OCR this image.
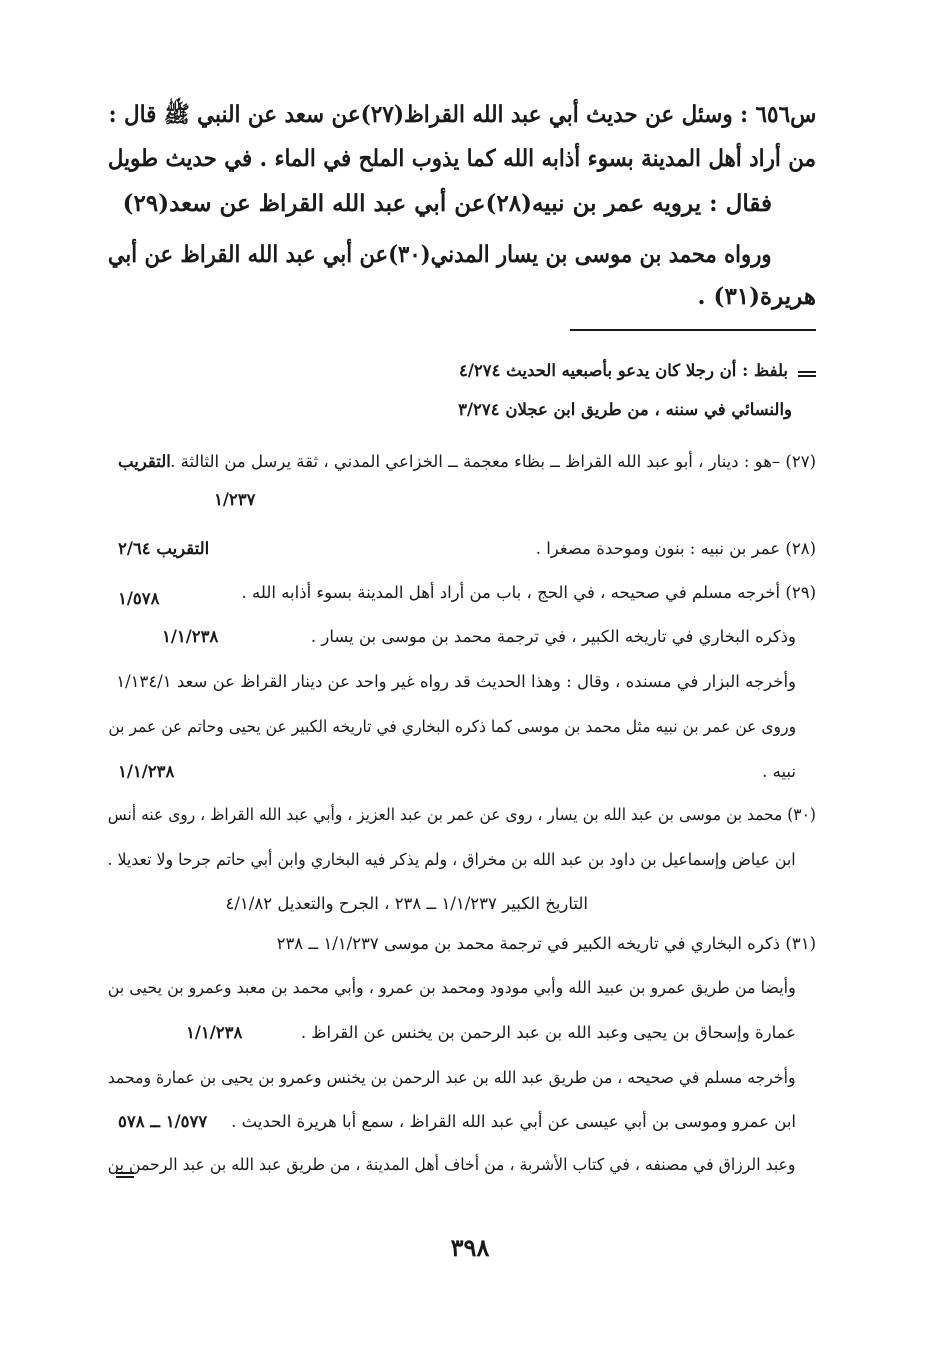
س٦٥٦ : وسئل عن حديث أبي عبد الله القراظ(٢٧)عن سعد عن النبي ﷺ قال :
من أراد أهل المدينة بسوء أذابه الله كما يذوب الملح في الماء . في حديث طويل
فقال : يرويه عمر بن نبيه(٢٨)عن أبي عبد الله القراظ عن سعد(٢٩)
ورواه محمد بن موسى بن يسار المدني(٣٠)عن أبي عبد الله القراظ عن أبي
هريرة(٣١) .
بلفظ : أن رجلا كان يدعو بأصبعيه الحديث ٤/٢٧٤
والنسائي في سننه ، من طريق ابن عجلان ٣/٢٧٤
(٢٧) –هو : دينار ، أبو عبد الله القراظ ــ بظاء معجمة ــ الخزاعي المدني ، ثقة يرسل من الثالثة .
التقريب
١/٢٣٧
(٢٨) عمر بن نبيه : بنون وموحدة مصغرا .
التقريب ٢/٦٤
(٢٩) أخرجه مسلم في صحيحه ، في الحج ، باب من أراد أهل المدينة بسوء أذابه الله .
١/٥٧٨
وذكره البخاري في تاريخه الكبير ، في ترجمة محمد بن موسى بن يسار .
١/١/٢٣٨
وأخرجه البزار في مسنده ، وقال : وهذا الحديث قد رواه غير واحد عن دينار القراظ عن سعد ١/١٣٤/١
وروى عن عمر بن نبيه مثل محمد بن موسى كما ذكره البخاري في تاريخه الكبير عن يحيى وحاتم عن عمر بن
نبيه .
١/١/٢٣٨
(٣٠) محمد بن موسى بن عبد الله بن يسار ، روى عن عمر بن عبد العزيز ، وأبي عبد الله القراظ ، روى عنه أنس
ابن عياض وإسماعيل بن داود بن عبد الله بن مخراق ، ولم يذكر فيه البخاري وابن أبي حاتم جرحا ولا تعديلا .
التاريخ الكبير ١/١/٢٣٧ ــ ٢٣٨ ، الجرح والتعديل ٤/١/٨٢
(٣١) ذكره البخاري في تاريخه الكبير في ترجمة محمد بن موسى ١/١/٢٣٧ ــ ٢٣٨
وأيضا من طريق عمرو بن عبيد الله وأبي مودود ومحمد بن عمرو ، وأبي محمد بن معبد وعمرو بن يحيى بن
عمارة وإسحاق بن يحيى وعبد الله بن عبد الرحمن بن يخنس عن القراظ .
١/١/٢٣٨
وأخرجه مسلم في صحيحه ، من طريق عبد الله بن عبد الرحمن بن يخنس وعمرو بن يحيى بن عمارة ومحمد
ابن عمرو وموسى بن أبي عيسى عن أبي عبد الله القراظ ، سمع أبا هريرة الحديث .
١/٥٧٧ ــ ٥٧٨
وعبد الرزاق في مصنفه ، في كتاب الأشربة ، من أخاف أهل المدينة ، من طريق عبد الله بن عبد الرحمن بن
٣٩٨
